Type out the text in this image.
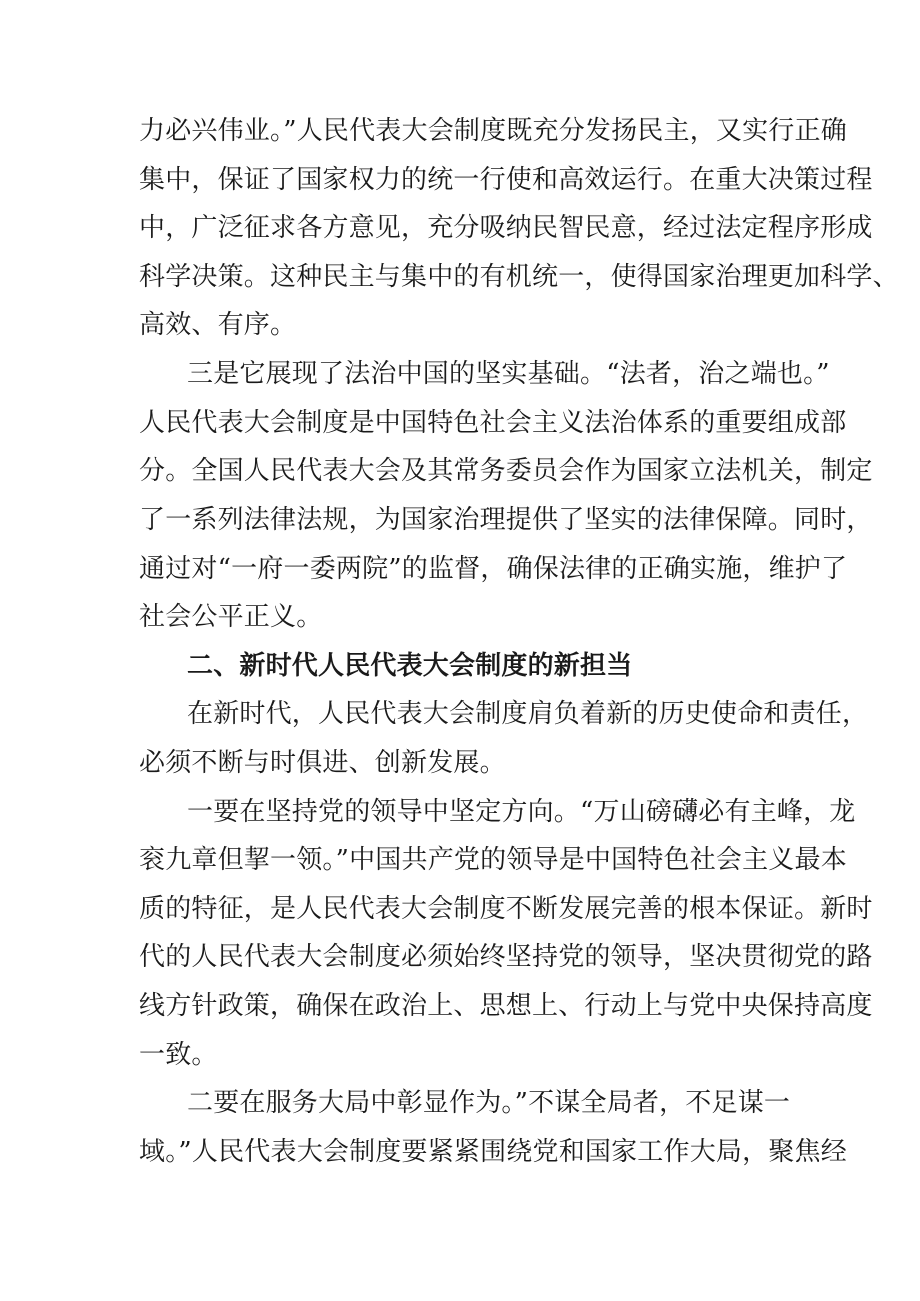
力必兴伟业。”人民代表大会制度既充分发扬民主，又实行正确
集中，保证了国家权力的统一行使和高效运行。在重大决策过程
中，广泛征求各方意见，充分吸纳民智民意，经过法定程序形成
科学决策。这种民主与集中的有机统一，使得国家治理更加科学、
高效、有序。
三是它展现了法治中国的坚实基础。“法者，治之端也。”
人民代表大会制度是中国特色社会主义法治体系的重要组成部
分。全国人民代表大会及其常务委员会作为国家立法机关，制定
了一系列法律法规，为国家治理提供了坚实的法律保障。同时，
通过对“一府一委两院”的监督，确保法律的正确实施，维护了
社会公平正义。
二、新时代人民代表大会制度的新担当
在新时代，人民代表大会制度肩负着新的历史使命和责任，
必须不断与时俱进、创新发展。
一要在坚持党的领导中坚定方向。“万山磅礴必有主峰，龙
衮九章但挈一领。”中国共产党的领导是中国特色社会主义最本
质的特征，是人民代表大会制度不断发展完善的根本保证。新时
代的人民代表大会制度必须始终坚持党的领导，坚决贯彻党的路
线方针政策，确保在政治上、思想上、行动上与党中央保持高度
一致。
二要在服务大局中彰显作为。”不谋全局者，不足谋一
域。”人民代表大会制度要紧紧围绕党和国家工作大局，聚焦经
